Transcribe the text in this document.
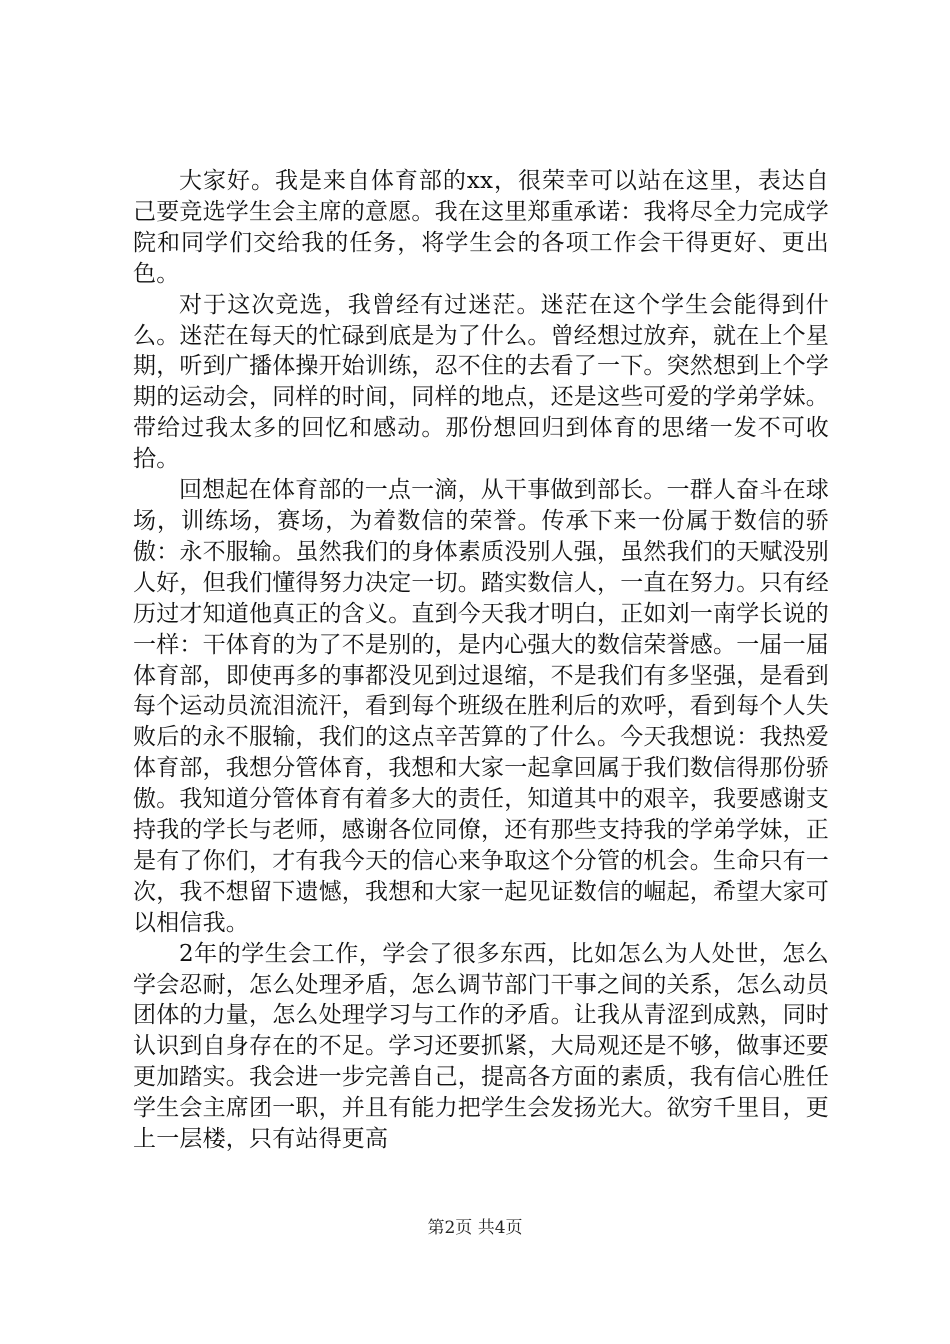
大家好。我是来自体育部的xx，很荣幸可以站在这里，表达自己要竞选学生会主席的意愿。我在这里郑重承诺：我将尽全力完成学院和同学们交给我的任务，将学生会的各项工作会干得更好、更出色。

对于这次竞选，我曾经有过迷茫。迷茫在这个学生会能得到什么。迷茫在每天的忙碌到底是为了什么。曾经想过放弃，就在上个星期，听到广播体操开始训练，忍不住的去看了一下。突然想到上个学期的运动会，同样的时间，同样的地点，还是这些可爱的学弟学妹。带给过我太多的回忆和感动。那份想回归到体育的思绪一发不可收拾。

回想起在体育部的一点一滴，从干事做到部长。一群人奋斗在球场，训练场，赛场，为着数信的荣誉。传承下来一份属于数信的骄傲：永不服输。虽然我们的身体素质没别人强，虽然我们的天赋没别人好，但我们懂得努力决定一切。踏实数信人，一直在努力。只有经历过才知道他真正的含义。直到今天我才明白，正如刘一南学长说的一样：干体育的为了不是别的，是内心强大的数信荣誉感。一届一届体育部，即使再多的事都没见到过退缩，不是我们有多坚强，是看到每个运动员流泪流汗，看到每个班级在胜利后的欢呼，看到每个人失败后的永不服输，我们的这点辛苦算的了什么。今天我想说：我热爱体育部，我想分管体育，我想和大家一起拿回属于我们数信得那份骄傲。我知道分管体育有着多大的责任，知道其中的艰辛，我要感谢支持我的学长与老师，感谢各位同僚，还有那些支持我的学弟学妹，正是有了你们，才有我今天的信心来争取这个分管的机会。生命只有一次，我不想留下遗憾，我想和大家一起见证数信的崛起，希望大家可以相信我。

2年的学生会工作，学会了很多东西，比如怎么为人处世，怎么学会忍耐，怎么处理矛盾，怎么调节部门干事之间的关系，怎么动员团体的力量，怎么处理学习与工作的矛盾。让我从青涩到成熟，同时认识到自身存在的不足。学习还要抓紧，大局观还是不够，做事还要更加踏实。我会进一步完善自己，提高各方面的素质，我有信心胜任学生会主席团一职，并且有能力把学生会发扬光大。欲穷千里目，更上一层楼，只有站得更高

第2页 共4页
